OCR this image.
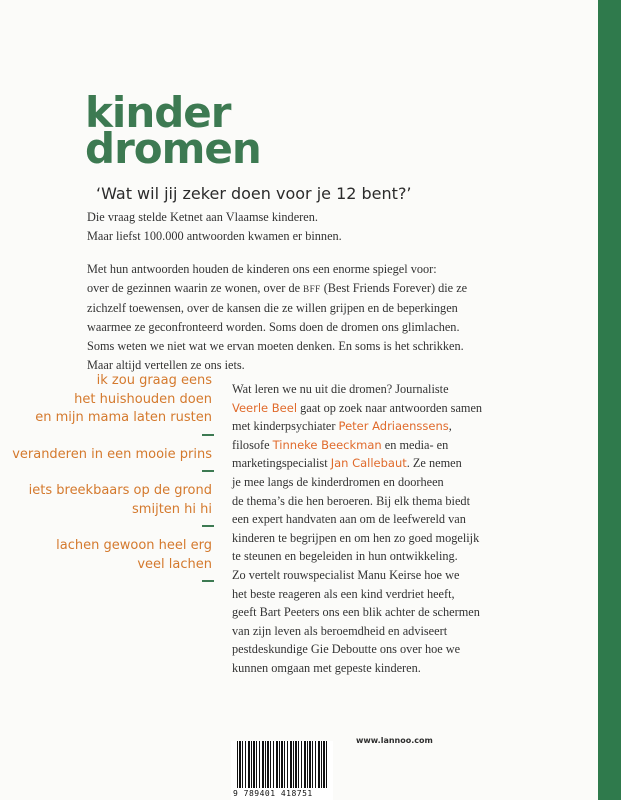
kinder
dromen
‘Wat wil jij zeker doen voor je 12 bent?’
Die vraag stelde Ketnet aan Vlaamse kinderen.
Maar liefst 100.000 antwoorden kwamen er binnen.
Met hun antwoorden houden de kinderen ons een enorme spiegel voor:
over de gezinnen waarin ze wonen, over de BFF (Best Friends Forever) die ze
zichzelf toewensen, over de kansen die ze willen grijpen en de beperkingen
waarmee ze geconfronteerd worden. Soms doen de dromen ons glimlachen.
Soms weten we niet wat we ervan moeten denken. En soms is het schrikken.
Maar altijd vertellen ze ons iets.
ik zou graag eens
het huishouden doen
en mijn mama laten rusten
veranderen in een mooie prins
iets breekbaars op de grond
smijten hi hi
lachen gewoon heel erg
veel lachen
Wat leren we nu uit die dromen? Journaliste
Veerle Beel gaat op zoek naar antwoorden samen
met kinderpsychiater Peter Adriaenssens,
filosofe Tinneke Beeckman en media- en
marketingspecialist Jan Callebaut. Ze nemen
je mee langs de kinderdromen en doorheen
de thema’s die hen beroeren. Bij elk thema biedt
een expert handvaten aan om de leefwereld van
kinderen te begrijpen en om hen zo goed mogelijk
te steunen en begeleiden in hun ontwikkeling.
Zo vertelt rouwspecialist Manu Keirse hoe we
het beste reageren als een kind verdriet heeft,
geeft Bart Peeters ons een blik achter de schermen
van zijn leven als beroemdheid en adviseert
pestdeskundige Gie Deboutte ons over hoe we
kunnen omgaan met gepeste kinderen.
www.lannoo.com
9 789401 418751
